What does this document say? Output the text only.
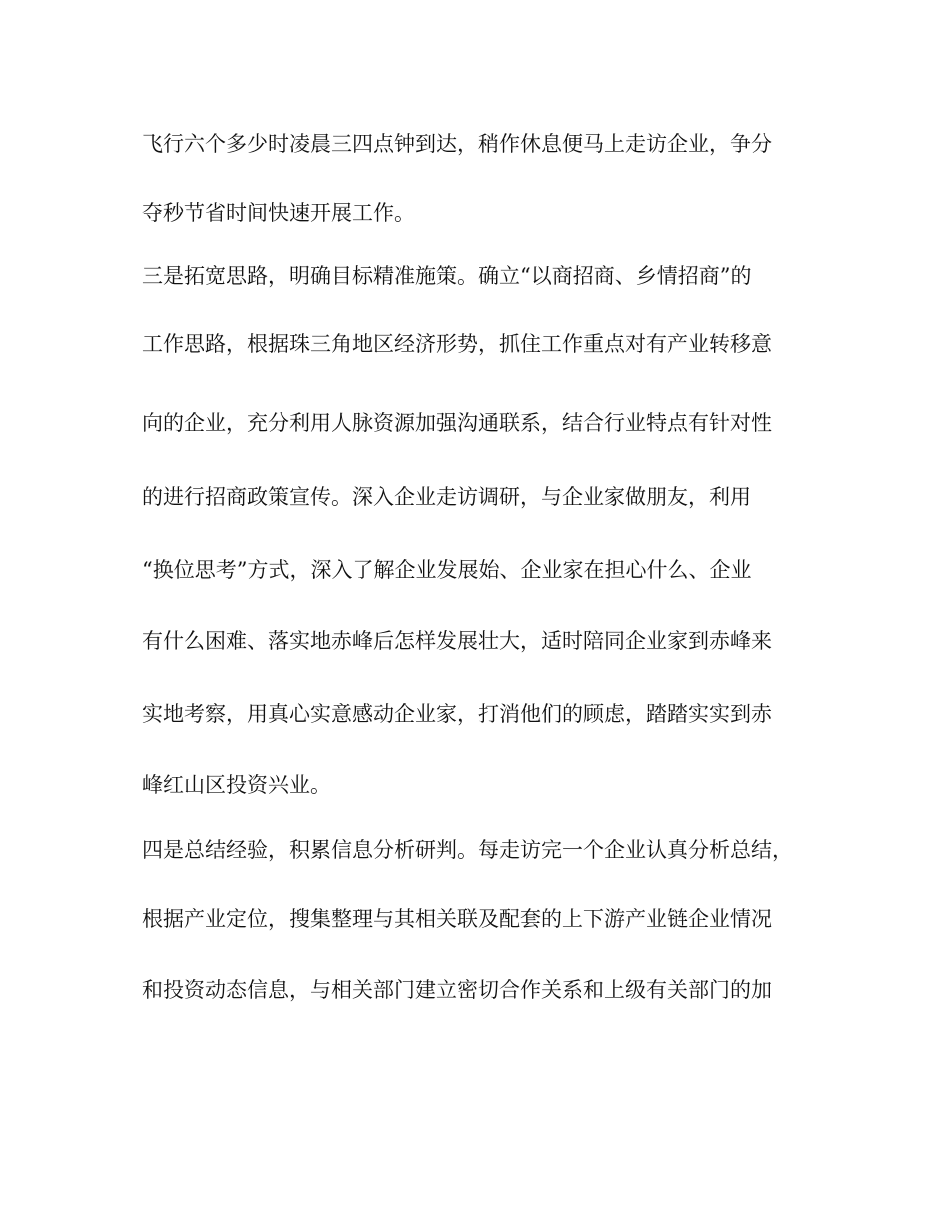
飞行六个多少时凌晨三四点钟到达，稍作休息便马上走访企业，争分
夺秒节省时间快速开展工作。
三是拓宽思路，明确目标精准施策。确立“以商招商、乡情招商”的
工作思路，根据珠三角地区经济形势，抓住工作重点对有产业转移意
向的企业，充分利用人脉资源加强沟通联系，结合行业特点有针对性
的进行招商政策宣传。深入企业走访调研，与企业家做朋友，利用
“换位思考”方式，深入了解企业发展始、企业家在担心什么、企业
有什么困难、落实地赤峰后怎样发展壮大，适时陪同企业家到赤峰来
实地考察，用真心实意感动企业家，打消他们的顾虑，踏踏实实到赤
峰红山区投资兴业。
四是总结经验，积累信息分析研判。每走访完一个企业认真分析总结，
根据产业定位，搜集整理与其相关联及配套的上下游产业链企业情况
和投资动态信息，与相关部门建立密切合作关系和上级有关部门的加
